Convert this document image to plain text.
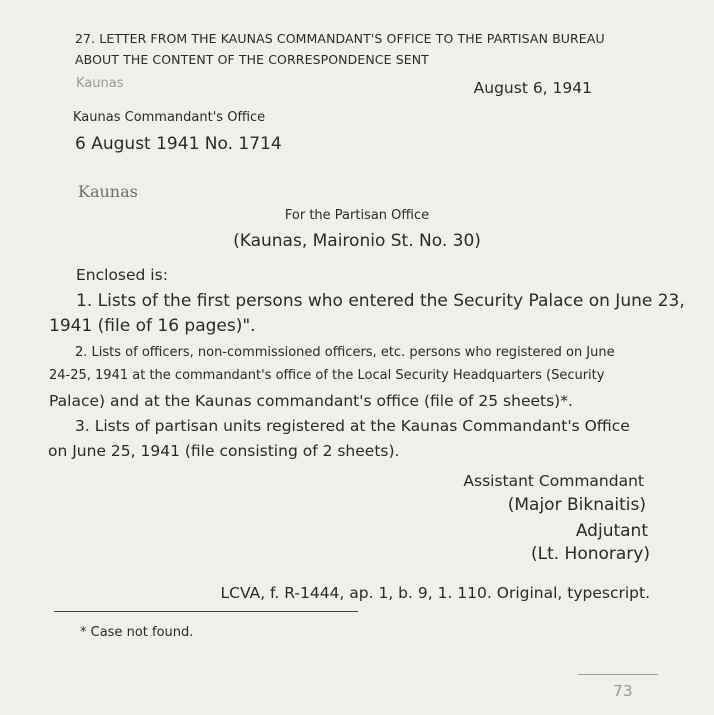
27. LETTER FROM THE KAUNAS COMMANDANT'S OFFICE TO THE PARTISAN BUREAU
ABOUT THE CONTENT OF THE CORRESPONDENCE SENT
Kaunas	August 6, 1941
Kaunas Commandant's Office
6 August 1941 No. 1714
Kaunas
For the Partisan Office
(Kaunas, Maironio St. No. 30)
Enclosed is:
1. Lists of the first persons who entered the Security Palace on June 23,
1941 (file of 16 pages)".
2. Lists of officers, non-commissioned officers, etc. persons who registered on June
24-25, 1941 at the commandant's office of the Local Security Headquarters (Security
Palace) and at the Kaunas commandant's office (file of 25 sheets)*.
3. Lists of partisan units registered at the Kaunas Commandant's Office
on June 25, 1941 (file consisting of 2 sheets).
Assistant Commandant
(Major Biknaitis)
Adjutant
(Lt. Honorary)
LCVA, f. R-1444, ap. 1, b. 9, 1. 110. Original, typescript.
* Case not found.
73
